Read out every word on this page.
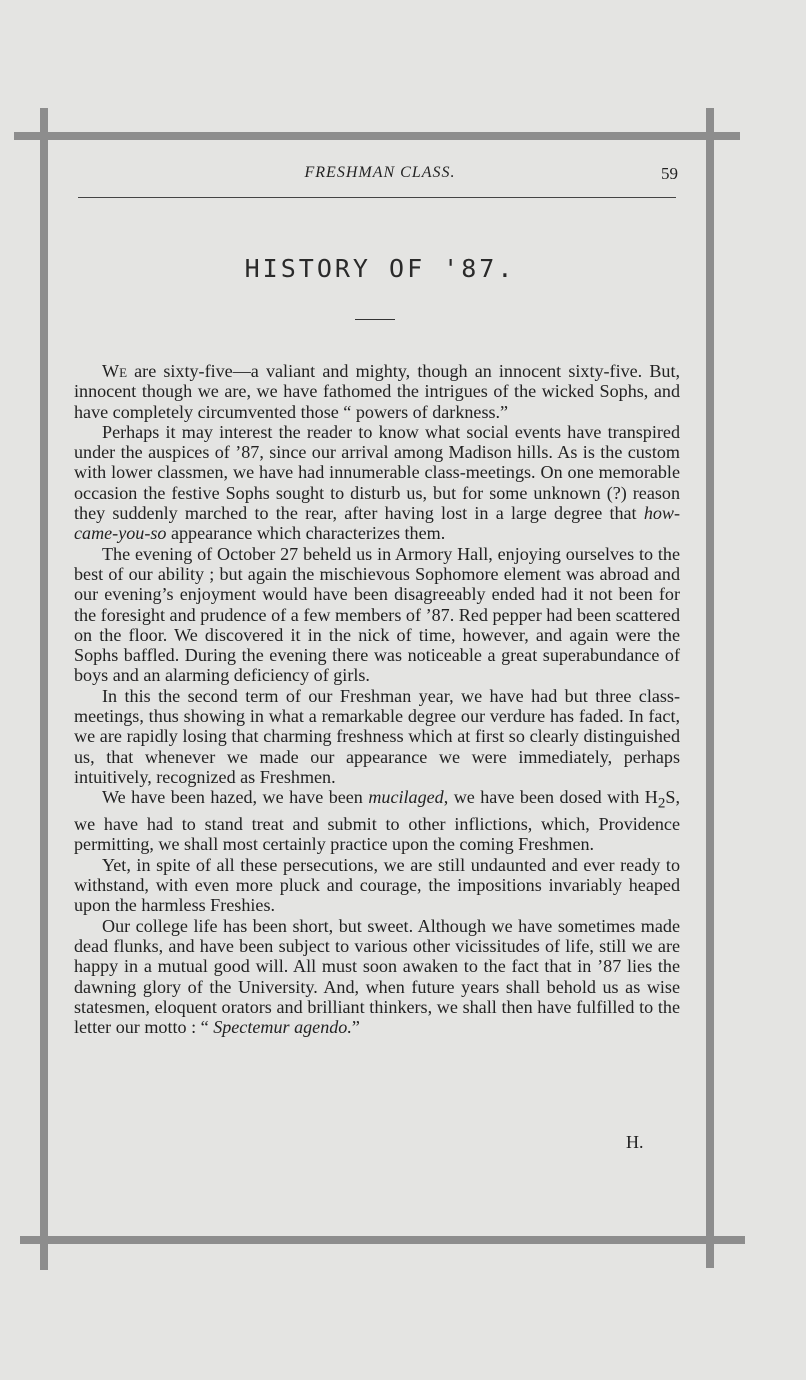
FRESHMAN CLASS.	59
HISTORY OF '87.

We are sixty-five—a valiant and mighty, though an innocent sixty-five. But, innocent though we are, we have fathomed the intrigues of the wicked Sophs, and have completely circumvented those “ powers of darkness.”

Perhaps it may interest the reader to know what social events have transpired under the auspices of ’87, since our arrival among Madison hills. As is the custom with lower classmen, we have had innumerable class-meetings. On one memorable occasion the festive Sophs sought to disturb us, but for some unknown (?) reason they suddenly marched to the rear, after having lost in a large degree that how-came-you-so appearance which characterizes them.

The evening of October 27 beheld us in Armory Hall, enjoying ourselves to the best of our ability ; but again the mischievous Sophomore element was abroad and our evening’s enjoyment would have been disagreeably ended had it not been for the foresight and prudence of a few members of ’87. Red pepper had been scattered on the floor. We discovered it in the nick of time, however, and again were the Sophs baffled. During the evening there was noticeable a great superabundance of boys and an alarming deficiency of girls.

In this the second term of our Freshman year, we have had but three class-meetings, thus showing in what a remarkable degree our verdure has faded. In fact, we are rapidly losing that charming freshness which at first so clearly distinguished us, that whenever we made our appearance we were immediately, perhaps intuitively, recognized as Freshmen.

We have been hazed, we have been mucilaged, we have been dosed with $H_2S$, we have had to stand treat and submit to other inflictions, which, Providence permitting, we shall most certainly practice upon the coming Freshmen.

Yet, in spite of all these persecutions, we are still undaunted and ever ready to withstand, with even more pluck and courage, the impositions invariably heaped upon the harmless Freshies.

Our college life has been short, but sweet. Although we have sometimes made dead flunks, and have been subject to various other vicissitudes of life, still we are happy in a mutual good will. All must soon awaken to the fact that in ’87 lies the dawning glory of the University. And, when future years shall behold us as wise statesmen, eloquent orators and brilliant thinkers, we shall then have fulfilled to the letter our motto : “ Spectemur agendo.”

H.
